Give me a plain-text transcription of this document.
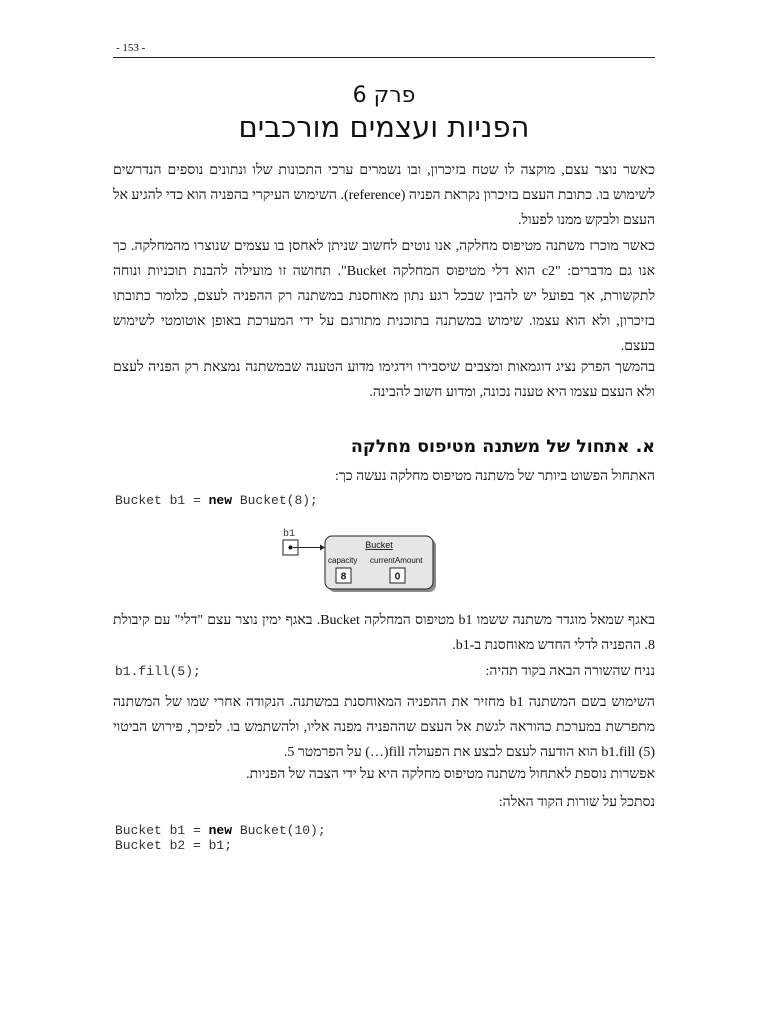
- 153 -
פרק 6
הפניות ועצמים מורכבים
כאשר נוצר עצם, מוקצה לו שטח בזיכרון, ובו נשמרים ערכי התכונות שלו ונתונים נוספים הנדרשים לשימוש בו. כתובת העצם בזיכרון נקראת הפניה (reference). השימוש העיקרי בהפניה הוא כדי להגיע אל העצם ולבקש ממנו לפעול.
כאשר מוכרז משתנה מטיפוס מחלקה, אנו נוטים לחשוב שניתן לאחסן בו עצמים שנוצרו מהמחלקה. כך אנו גם מדברים: "c2 הוא דלי מטיפוס המחלקה Bucket". תחושה זו מועילה להבנת תוכניות ונוחה לתקשורת, אך בפועל יש להבין שבכל רגע נתון מאוחסנת במשתנה רק ההפניה לעצם, כלומר כתובתו בזיכרון, ולא הוא עצמו. שימוש במשתנה בתוכנית מתורגם על ידי המערכת באופן אוטומטי לשימוש בעצם.
בהמשך הפרק נציג דוגמאות ומצבים שיסבירו וידגימו מדוע הטענה שבמשתנה נמצאת רק הפניה לעצם ולא העצם עצמו היא טענה נכונה, ומדוע חשוב להבינה.
א. אתחול של משתנה מטיפוס מחלקה
האתחול הפשוט ביותר של משתנה מטיפוס מחלקה נעשה כך:
Bucket b1 = new Bucket(8);
b1
Bucket
capacity currentAmount
8	0
באגף שמאל מוגדר משתנה ששמו b1 מטיפוס המחלקה Bucket. באגף ימין נוצר עצם "דלי" עם קיבולת 8. ההפניה לדלי החדש מאוחסנת ב-b1.
b1.fill(5);	נניח שהשורה הבאה בקוד תהיה:
השימוש בשם המשתנה b1 מחזיר את ההפניה המאוחסנת במשתנה. הנקודה אחרי שמו של המשתנה מתפרשת במערכת כהוראה לגשת אל העצם שההפניה מפנה אליו, ולהשתמש בו. לפיכך, פירוש הביטוי b1.fill (5) הוא הודעה לעצם לבצע את הפעולה fill(…) על הפרמטר 5.
אפשרות נוספת לאתחול משתנה מטיפוס מחלקה היא על ידי הצבה של הפניות.
נסתכל על שורות הקוד האלה:
Bucket b1 = new Bucket(10);
Bucket b2 = b1;
